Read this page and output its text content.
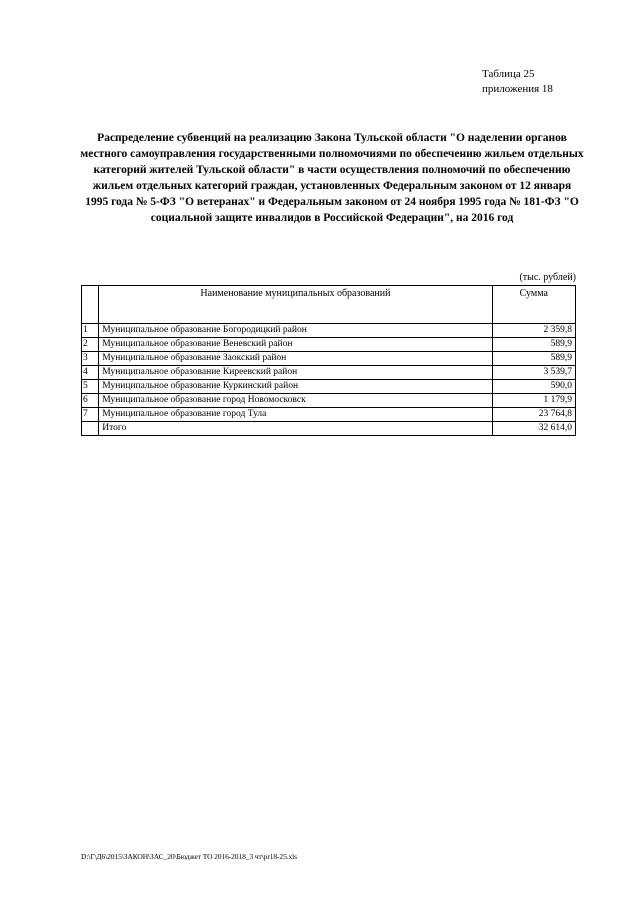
Таблица 25
приложения 18
Распределение субвенций на реализацию Закона Тульской области "О наделении органов местного самоуправления государственными полномочиями по обеспечению жильем отдельных категорий жителей Тульской области" в части осуществления полномочий по обеспечению жильем отдельных категорий граждан, установленных Федеральным законом от 12 января 1995 года № 5-ФЗ "О ветеранах" и Федеральным законом от 24 ноября 1995 года № 181-ФЗ "О социальной защите инвалидов в Российской Федерации", на 2016 год
(тыс. рублей)
	Наименование муниципальных образований	Сумма
1	Муниципальное образование Богородицкий район	2 359,8
2	Муниципальное образование Веневский район	589,9
3	Муниципальное образование Заокский район	589,9
4	Муниципальное образование Киреевский район	3 539,7
5	Муниципальное образование Куркинский район	590,0
6	Муниципальное образование город Новомосковск	1 179,9
7	Муниципальное образование город Тула	23 764,8
	Итого	32 614,0
D:\Г\Д6\2015\ЗАКОН\ЗАС_20\Бюджет ТО 2016-2018_3 чт\pr18-25.xls
